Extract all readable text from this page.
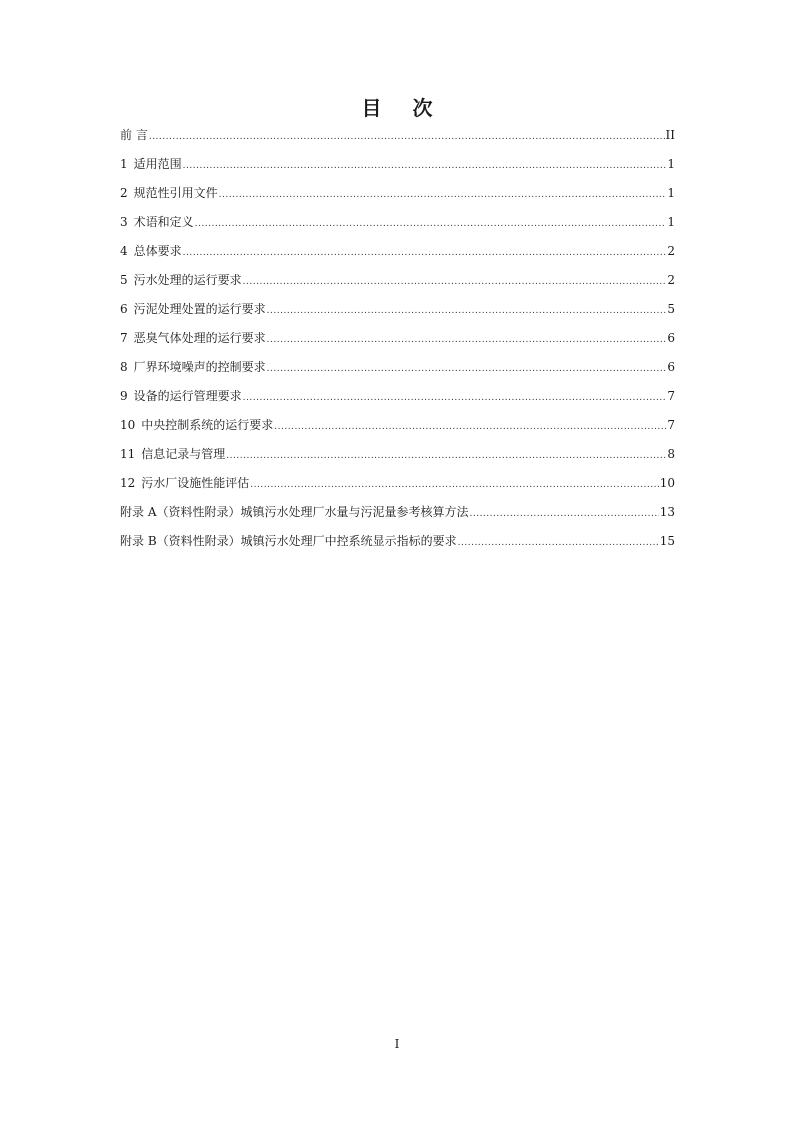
目 次
前 言 .....	II
1 适用范围 .....	1
2 规范性引用文件 .....	1
3 术语和定义 .....	1
4 总体要求 .....	2
5 污水处理的运行要求 .....	2
6 污泥处理处置的运行要求 .....	5
7 恶臭气体处理的运行要求 .....	6
8 厂界环境噪声的控制要求 .....	6
9 设备的运行管理要求 .....	7
10 中央控制系统的运行要求 .....	7
11 信息记录与管理 .....	8
12 污水厂设施性能评估 .....	10
附录 A（资料性附录）城镇污水处理厂水量与污泥量参考核算方法 .....	13
附录 B（资料性附录）城镇污水处理厂中控系统显示指标的要求 .....	15
I
